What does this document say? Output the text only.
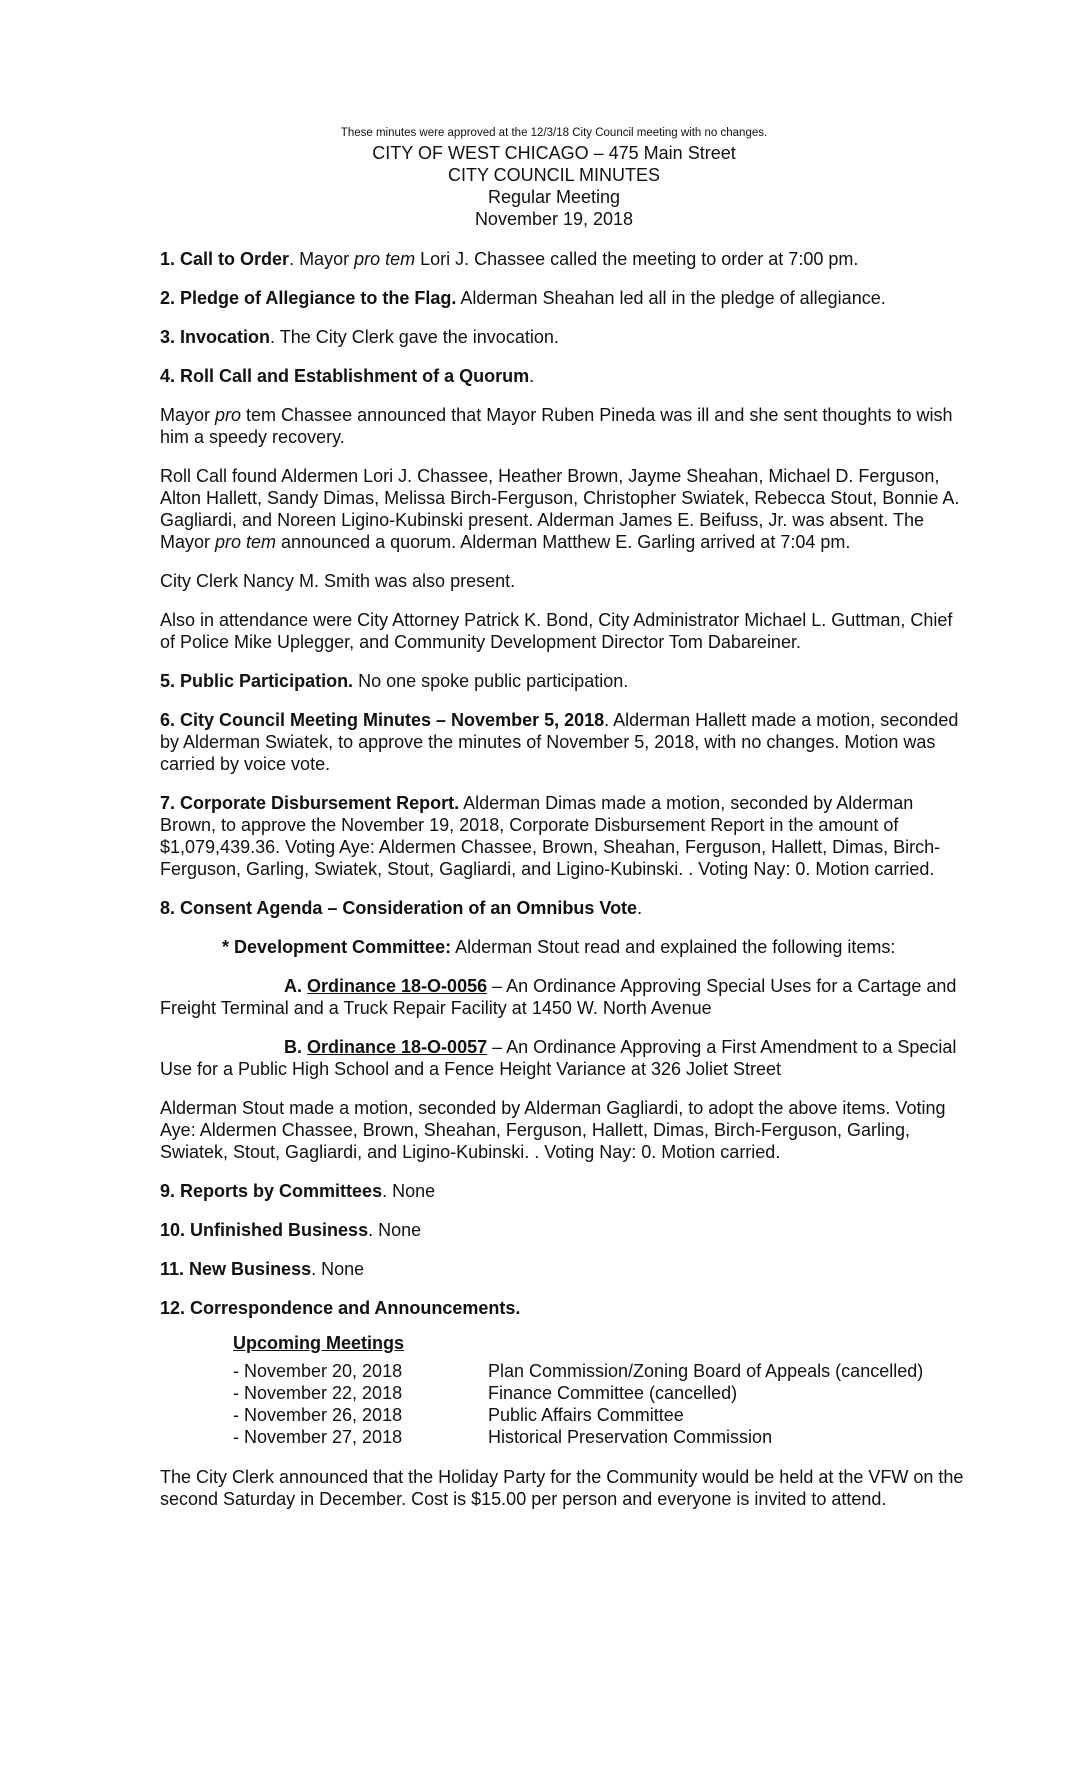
These minutes were approved at the 12/3/18 City Council meeting with no changes.
CITY OF WEST CHICAGO – 475 Main Street
CITY COUNCIL MINUTES
Regular Meeting
November 19, 2018

1. Call to Order. Mayor pro tem Lori J. Chassee called the meeting to order at 7:00 pm.

2. Pledge of Allegiance to the Flag. Alderman Sheahan led all in the pledge of allegiance.

3. Invocation. The City Clerk gave the invocation.

4. Roll Call and Establishment of a Quorum.

Mayor pro tem Chassee announced that Mayor Ruben Pineda was ill and she sent thoughts to wish him a speedy recovery.

Roll Call found Aldermen Lori J. Chassee, Heather Brown, Jayme Sheahan, Michael D. Ferguson, Alton Hallett, Sandy Dimas, Melissa Birch-Ferguson, Christopher Swiatek, Rebecca Stout, Bonnie A. Gagliardi, and Noreen Ligino-Kubinski present. Alderman James E. Beifuss, Jr. was absent. The Mayor pro tem announced a quorum. Alderman Matthew E. Garling arrived at 7:04 pm.

City Clerk Nancy M. Smith was also present.

Also in attendance were City Attorney Patrick K. Bond, City Administrator Michael L. Guttman, Chief of Police Mike Uplegger, and Community Development Director Tom Dabareiner.

5. Public Participation. No one spoke public participation.

6. City Council Meeting Minutes – November 5, 2018. Alderman Hallett made a motion, seconded by Alderman Swiatek, to approve the minutes of November 5, 2018, with no changes. Motion was carried by voice vote.

7. Corporate Disbursement Report. Alderman Dimas made a motion, seconded by Alderman Brown, to approve the November 19, 2018, Corporate Disbursement Report in the amount of $1,079,439.36. Voting Aye: Aldermen Chassee, Brown, Sheahan, Ferguson, Hallett, Dimas, Birch-Ferguson, Garling, Swiatek, Stout, Gagliardi, and Ligino-Kubinski. . Voting Nay: 0. Motion carried.

8. Consent Agenda – Consideration of an Omnibus Vote.

* Development Committee: Alderman Stout read and explained the following items:

A. Ordinance 18-O-0056 – An Ordinance Approving Special Uses for a Cartage and Freight Terminal and a Truck Repair Facility at 1450 W. North Avenue

B. Ordinance 18-O-0057 – An Ordinance Approving a First Amendment to a Special Use for a Public High School and a Fence Height Variance at 326 Joliet Street

Alderman Stout made a motion, seconded by Alderman Gagliardi, to adopt the above items. Voting Aye: Aldermen Chassee, Brown, Sheahan, Ferguson, Hallett, Dimas, Birch-Ferguson, Garling, Swiatek, Stout, Gagliardi, and Ligino-Kubinski. . Voting Nay: 0. Motion carried.

9. Reports by Committees. None

10. Unfinished Business. None

11. New Business. None

12. Correspondence and Announcements.

Upcoming Meetings
- November 20, 2018	Plan Commission/Zoning Board of Appeals (cancelled)
- November 22, 2018	Finance Committee (cancelled)
- November 26, 2018	Public Affairs Committee
- November 27, 2018	Historical Preservation Commission

The City Clerk announced that the Holiday Party for the Community would be held at the VFW on the second Saturday in December. Cost is $15.00 per person and everyone is invited to attend.
